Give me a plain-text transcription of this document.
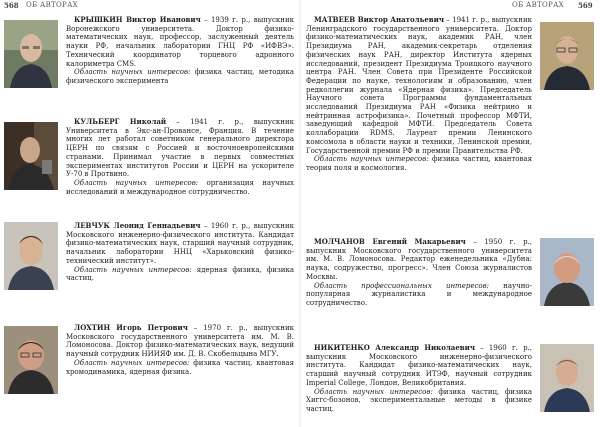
568 ОБ АВТОРАХ	ОБ АВТОРАХ 569

КРЫШКИН Виктор Иванович – 1939 г. р., выпускник Воронежского университета. Доктор физико-математических наук, профессор, заслуженный деятель науки РФ, начальник лаборатории ГНЦ РФ «ИФВЭ». Технический координатор торцевого адронного калориметра CMS.

Область научных интересов: физика частиц, методика физического эксперимента

КУЛЬБЕРГ Николай – 1941 г. р., выпускник Университета в Экс-ан-Провансе, Франция. В течение многих лет работал советником генерального директора ЦЕРН по связям с Россией и восточноевропейскими странами. Принимал участие в первых совместных экспериментах институтов России и ЦЕРН на ускорителе У-70 в Протвино.

Область научных интересов: организация научных исследований и международное сотрудничество.

ЛЕВЧУК Леонид Геннадьевич – 1960 г. р., выпускник Московского инженерно-физического института. Кандидат физико-математических наук, старший научный сотрудник, начальник лаборатории ННЦ «Харьковский физико-технический институт».

Область научных интересов: ядерная физика, физика частиц.

ЛОХТИН Игорь Петрович – 1970 г. р., выпускник Московского государственного университета им. М. В. Ломоносова. Доктор физико-математических наук, ведущий научный сотрудник НИИЯФ им. Д. В. Скобельцына МГУ.

Область научных интересов: физика частиц, квантовая хромодинамика, ядерная физика.

МАТВЕЕВ Виктор Анатольевич – 1941 г. р., выпускник Ленинградского государственного университета. Доктор физико-математических наук, академик РАН, член Президиума РАН, академик-секретарь отделения физических наук РАН, директор Института ядерных исследований, президент Президиума Троицкого научного центра РАН. Член Совета при Президенте Российской Федерации по науке, технологиям и образованию, член редколлегии журнала «Ядерная физика». Председатель Научного совета Программы фундаментальных исследований Президиума РАН «Физика нейтрино и нейтринная астрофизика». Почетный профессор МФТИ, заведующий кафедрой МФТИ. Председатель Совета коллаборации RDMS. Лауреат премии Ленинского комсомола в области науки и техники, Ленинской премии, Государственной премии РФ и премии Правительства РФ.

Область научных интересов: физика частиц, квантовая теория поля и космология.

МОЛЧАНОВ Евгений Макарьевич – 1950 г. р., выпускник Московского государственного университета им. М. В. Ломоносова. Редактор еженедельника «Дубна: наука, содружество, прогресс». Член Союза журналистов Москвы.

Область профессиональных интересов: научно-популярная журналистика и международное сотрудничество.

НИКИТЕНКО Александр Николаевич – 1960 г. р., выпускник Московского инженерно-физического института. Кандидат физико-математических наук, старший научный сотрудник ИТЭФ, научный сотрудник Imperial College, Лондон, Великобритания.

Область научных интересов: физика частиц, физика Хиггс-бозонов, экспериментальные методы в физике частиц.
